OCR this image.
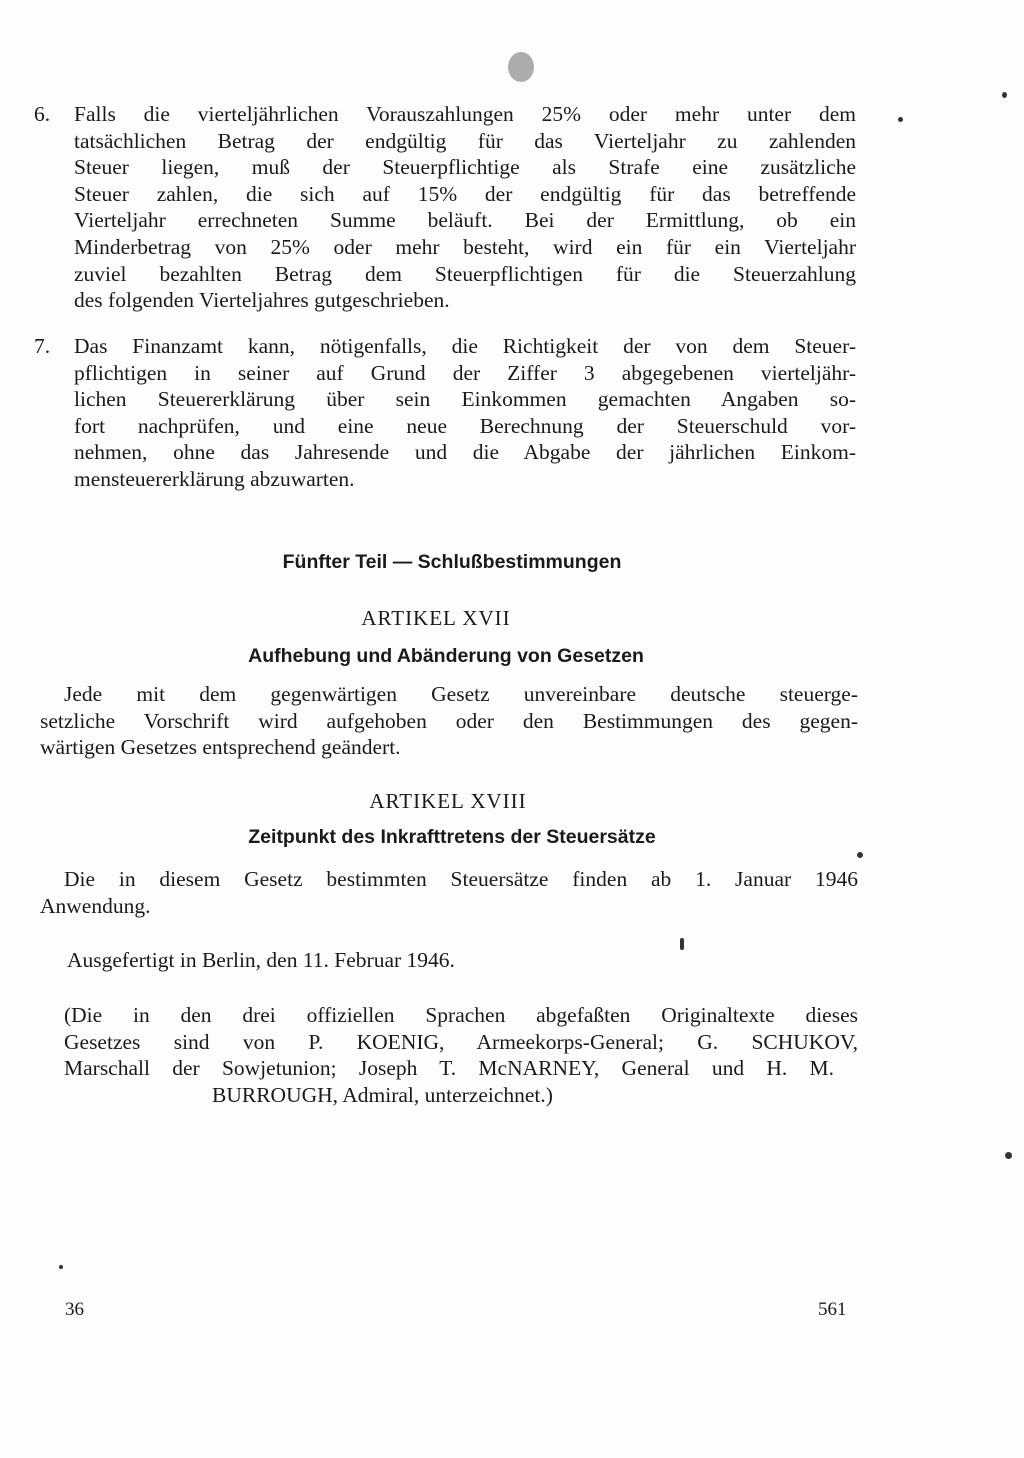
6.	Falls die vierteljährlichen Vorauszahlungen 25% oder mehr unter dem
tatsächlichen Betrag der endgültig für das Vierteljahr zu zahlenden
Steuer liegen, muß der Steuerpflichtige als Strafe eine zusätzliche
Steuer zahlen, die sich auf 15% der endgültig für das betreffende
Vierteljahr errechneten Summe beläuft. Bei der Ermittlung, ob ein
Minderbetrag von 25% oder mehr besteht, wird ein für ein Vierteljahr
zuviel bezahlten Betrag dem Steuerpflichtigen für die Steuerzahlung
des folgenden Vierteljahres gutgeschrieben.
7.	Das Finanzamt kann, nötigenfalls, die Richtigkeit der von dem Steuer-
pflichtigen in seiner auf Grund der Ziffer 3 abgegebenen vierteljähr-
lichen Steuererklärung über sein Einkommen gemachten Angaben so-
fort nachprüfen, und eine neue Berechnung der Steuerschuld vor-
nehmen, ohne das Jahresende und die Abgabe der jährlichen Einkom-
mensteuererklärung abzuwarten.
Fünfter Teil — Schlußbestimmungen
ARTIKEL XVII
Aufhebung und Abänderung von Gesetzen
Jede mit dem gegenwärtigen Gesetz unvereinbare deutsche steuerge-
setzliche Vorschrift wird aufgehoben oder den Bestimmungen des gegen-
wärtigen Gesetzes entsprechend geändert.
ARTIKEL XVIII
Zeitpunkt des Inkrafttretens der Steuersätze
Die in diesem Gesetz bestimmten Steuersätze finden ab 1. Januar 1946
Anwendung.
Ausgefertigt in Berlin, den 11. Februar 1946.
(Die in den drei offiziellen Sprachen abgefaßten Originaltexte dieses
Gesetzes sind von P. KOENIG, Armeekorps-General; G. SCHUKOV,
Marschall der Sowjetunion; Joseph T. McNARNEY, General und H. M.
BURROUGH, Admiral, unterzeichnet.)
36	561
